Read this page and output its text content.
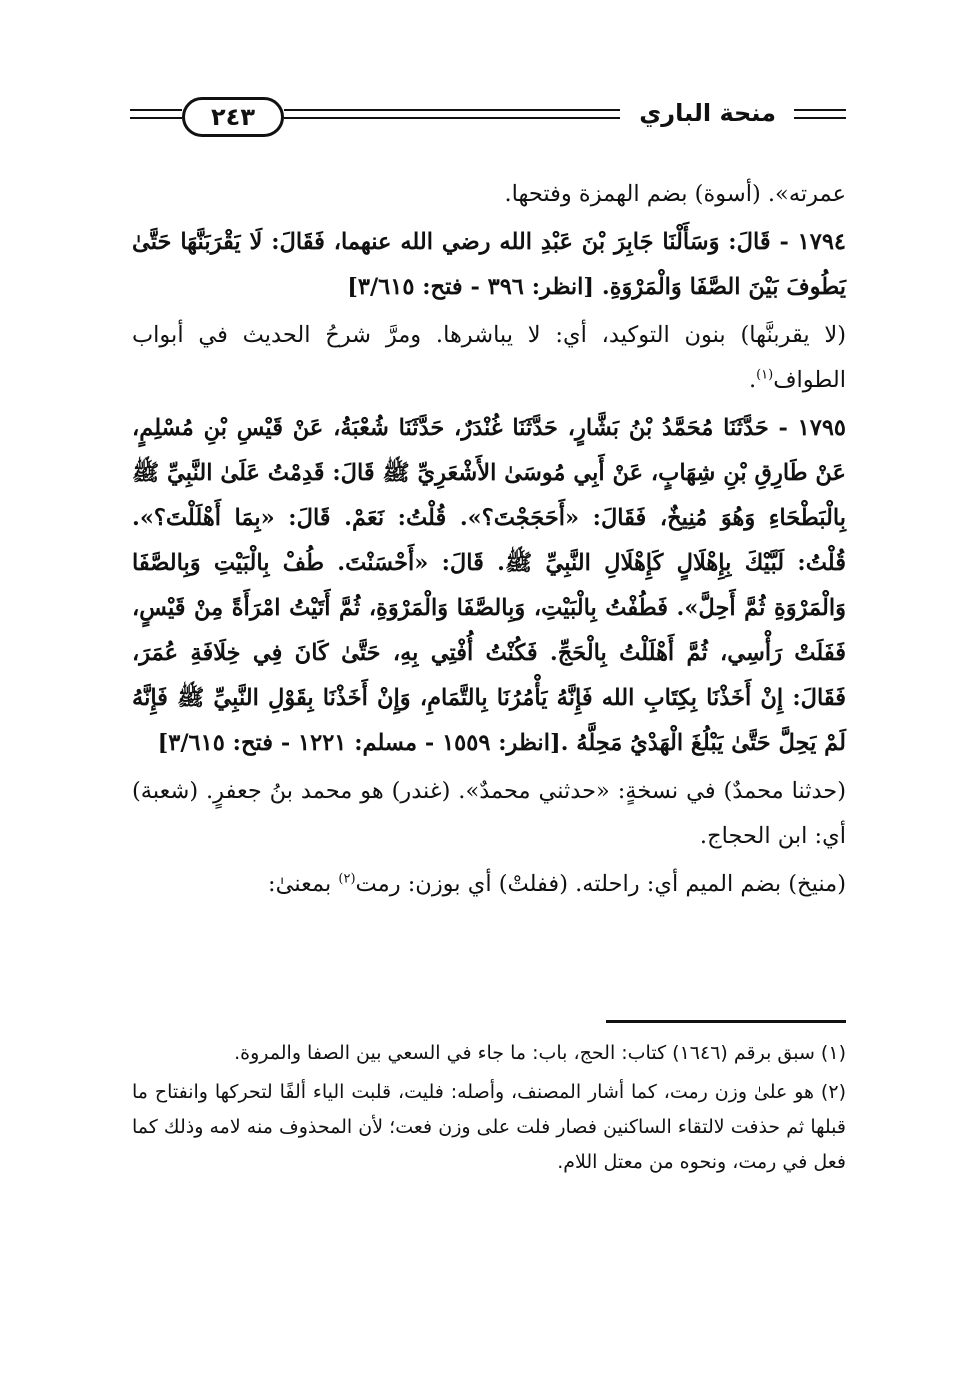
٢٤٣	منحة الباري

عمرته». (أسوة) بضم الهمزة وفتحها.

١٧٩٤ - قَالَ: وَسَأَلْنَا جَابِرَ بْنَ عَبْدِ الله رضي الله عنهما، فَقَالَ: لَا يَقْرَبَنَّهَا حَتَّىٰ يَطُوفَ بَيْنَ الصَّفَا وَالْمَرْوَةِ. [انظر: ٣٩٦ - فتح: ٣/٦١٥]

(لا يقربنَّها) بنون التوكيد، أي: لا يباشرها. ومرَّ شرحُ الحديث في أبواب الطواف$^{(١)}$.

١٧٩٥ - حَدَّثَنَا مُحَمَّدُ بْنُ بَشَّارٍ، حَدَّثَنَا غُنْدَرٌ، حَدَّثَنَا شُعْبَةُ، عَنْ قَيْسِ بْنِ مُسْلِمٍ، عَنْ طَارِقِ بْنِ شِهَابٍ، عَنْ أَبِي مُوسَىٰ الأَشْعَرِيِّ ﷺ قَالَ: قَدِمْتُ عَلَىٰ النَّبِيِّ ﷺ بِالْبَطْحَاءِ وَهُوَ مُنِيخٌ، فَقَالَ: «أَحَجَجْتَ؟». قُلْتُ: نَعَمْ. قَالَ: «بِمَا أَهْلَلْتَ؟». قُلْتُ: لَبَّيْكَ بِإِهْلَالٍ كَإِهْلَالِ النَّبِيِّ ﷺ. قَالَ: «أَحْسَنْتَ. طُفْ بِالْبَيْتِ وَبِالصَّفَا وَالْمَرْوَةِ ثُمَّ أَحِلَّ». فَطُفْتُ بِالْبَيْتِ، وَبِالصَّفَا وَالْمَرْوَةِ، ثُمَّ أَتَيْتُ امْرَأَةً مِنْ قَيْسٍ، فَفَلَتْ رَأْسِي، ثُمَّ أَهْلَلْتُ بِالْحَجِّ. فَكُنْتُ أُفْتِي بِهِ، حَتَّىٰ كَانَ فِي خِلَافَةِ عُمَرَ، فَقَالَ: إِنْ أَخَذْنَا بِكِتَابِ الله فَإِنَّهُ يَأْمُرُنَا بِالتَّمَامِ، وَإِنْ أَخَذْنَا بِقَوْلِ النَّبِيِّ ﷺ فَإِنَّهُ لَمْ يَحِلَّ حَتَّىٰ يَبْلُغَ الْهَدْيُ مَحِلَّهُ .[انظر: ١٥٥٩ - مسلم: ١٢٢١ - فتح: ٣/٦١٥]

(حدثنا محمدٌ) في نسخةٍ: «حدثني محمدٌ». (غندر) هو محمد بنُ جعفرٍ. (شعبة) أي: ابن الحجاج.

(منيخ) بضم الميم أي: راحلته. (ففلتْ) أي بوزن: رمت$^{(٢)}$ بمعنىٰ:

(١) سبق برقم (١٦٤٦) كتاب: الحج، باب: ما جاء في السعي بين الصفا والمروة.

(٢) هو علىٰ وزن رمت، كما أشار المصنف، وأصله: فليت، قلبت الياء ألفًا لتحركها وانفتاح ما قبلها ثم حذفت لالتقاء الساكنين فصار فلت على وزن فعت؛ لأن المحذوف منه لامه وذلك كما فعل في رمت، ونحوه من معتل اللام.
